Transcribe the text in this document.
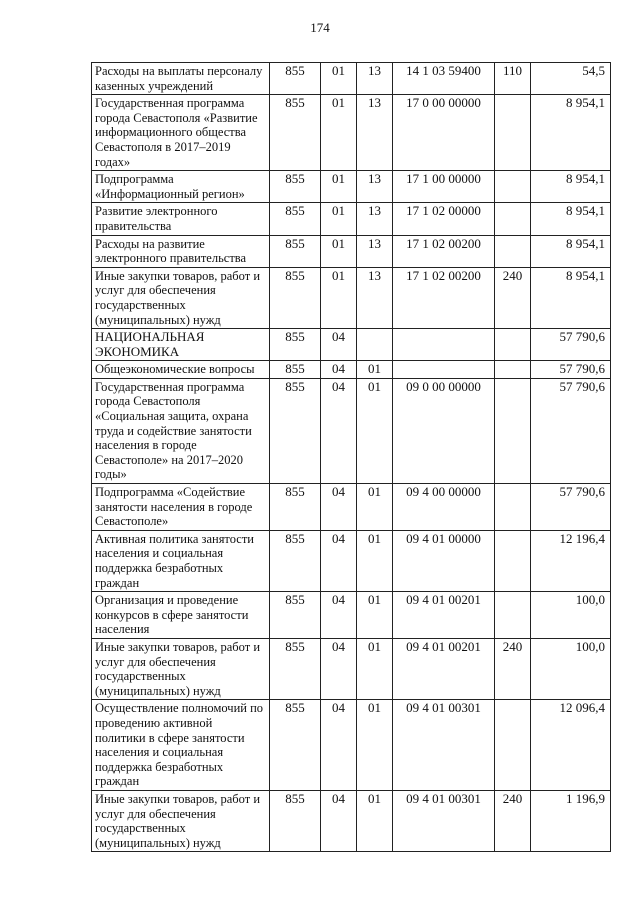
174
Расходы на выплаты персоналу казенных учреждений	855	01	13	14 1 03 59400	110	54,5
Государственная программа города Севастополя «Развитие информационного общества Севастополя в 2017–2019 годах»	855	01	13	17 0 00 00000		8 954,1
Подпрограмма «Информационный регион»	855	01	13	17 1 00 00000		8 954,1
Развитие электронного правительства	855	01	13	17 1 02 00000		8 954,1
Расходы на развитие электронного правительства	855	01	13	17 1 02 00200		8 954,1
Иные закупки товаров, работ и услуг для обеспечения государственных (муниципальных) нужд	855	01	13	17 1 02 00200	240	8 954,1
НАЦИОНАЛЬНАЯ ЭКОНОМИКА	855	04				57 790,6
Общеэкономические вопросы	855	04	01			57 790,6
Государственная программа города Севастополя «Социальная защита, охрана труда и содействие занятости населения в городе Севастополе» на 2017–2020 годы»	855	04	01	09 0 00 00000		57 790,6
Подпрограмма «Содействие занятости населения в городе Севастополе»	855	04	01	09 4 00 00000		57 790,6
Активная политика занятости населения и социальная поддержка безработных граждан	855	04	01	09 4 01 00000		12 196,4
Организация и проведение конкурсов в сфере занятости населения	855	04	01	09 4 01 00201		100,0
Иные закупки товаров, работ и услуг для обеспечения государственных (муниципальных) нужд	855	04	01	09 4 01 00201	240	100,0
Осуществление полномочий по проведению активной политики в сфере занятости населения и социальная поддержка безработных граждан	855	04	01	09 4 01 00301		12 096,4
Иные закупки товаров, работ и услуг для обеспечения государственных (муниципальных) нужд	855	04	01	09 4 01 00301	240	1 196,9
